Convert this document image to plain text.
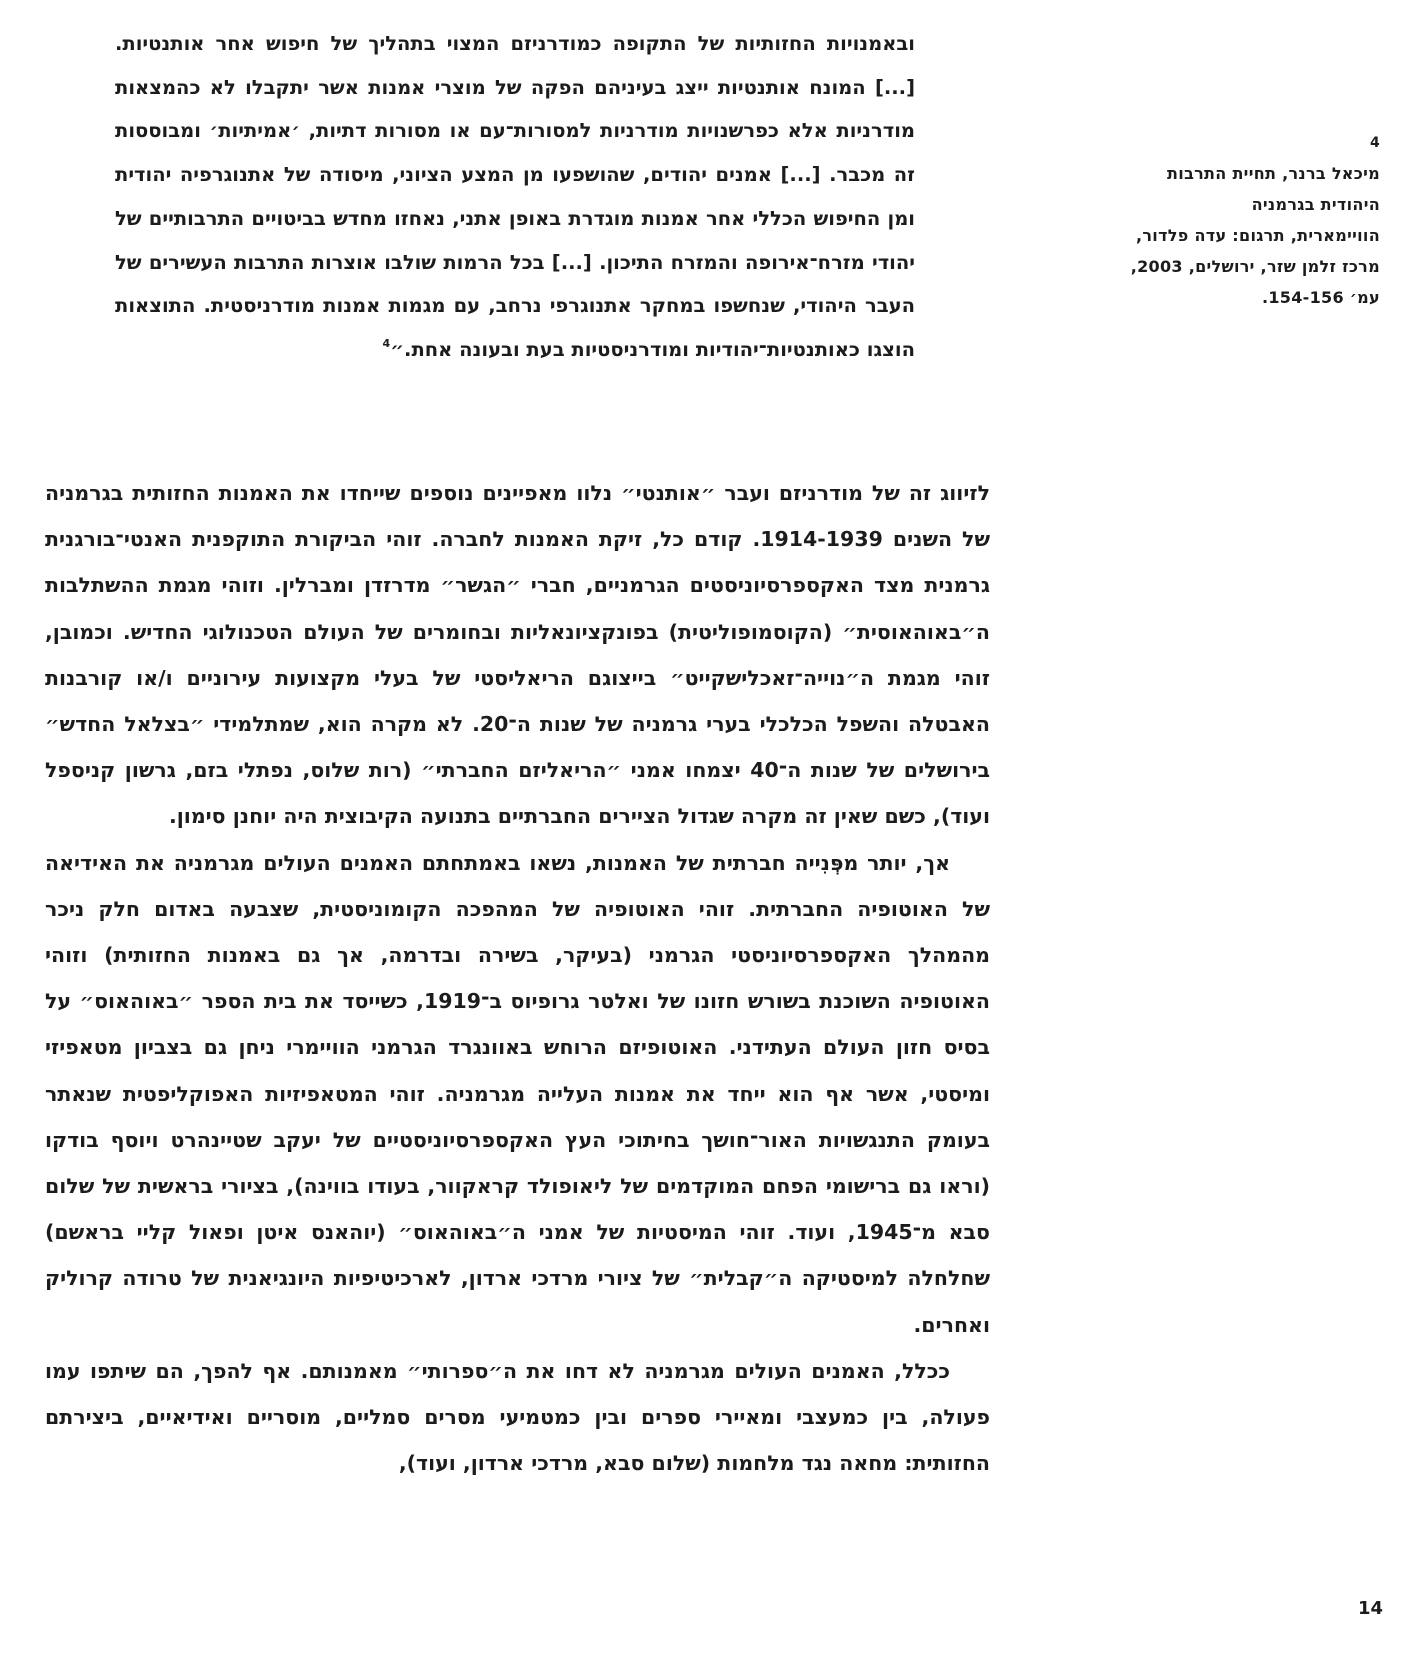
ובאמנויות החזותיות של התקופה כמודרניזם המצוי בתהליך של חיפוש אחר אותנטיות. [...] המונח אותנטיות ייצג בעיניהם הפקה של מוצרי אמנות אשר יתקבלו לא כהמצאות מודרניות אלא כפרשנויות מודרניות למסורות־עם או מסורות דתיות, ׳אמיתיות׳ ומבוססות זה מכבר. [...] אמנים יהודים, שהושפעו מן המצע הציוני, מיסודה של אתנוגרפיה יהודית ומן החיפוש הכללי אחר אמנות מוגדרת באופן אתני, נאחזו מחדש בביטויים התרבותיים של יהודי מזרח־אירופה והמזרח התיכון. [...] בכל הרמות שולבו אוצרות התרבות העשירים של העבר היהודי, שנחשפו במחקר אתנוגרפי נרחב, עם מגמות אמנות מודרניסטית. התוצאות הוצגו כאותנטיות־יהודיות ומודרניסטיות בעת ובעונה אחת.״$^4$
4
מיכאל ברנר, תחיית התרבות
היהודית בגרמניה
הוויימארית, תרגום: עדה פלדור,
מרכז זלמן שזר, ירושלים, 2003,
עמ׳ 154-156.

לזיווג זה של מודרניזם ועבר ״אותנטי״ נלוו מאפיינים נוספים שייחדו את האמנות החזותית בגרמניה של השנים 1914-1939. קודם כל, זיקת האמנות לחברה. זוהי הביקורת התוקפנית האנטי־בורגנית גרמנית מצד האקספרסיוניסטים הגרמניים, חברי ״הגשר״ מדרזדן ומברלין. וזוהי מגמת ההשתלבות ה״באוהאוסית״ (הקוסמופוליטית) בפונקציונאליות ובחומרים של העולם הטכנולוגי החדיש. וכמובן, זוהי מגמת ה״נוייה־זאכלישקייט״ בייצוגם הריאליסטי של בעלי מקצועות עירוניים ו/או קורבנות האבטלה והשפל הכלכלי בערי גרמניה של שנות ה־20. לא מקרה הוא, שמתלמידי ״בצלאל החדש״ בירושלים של שנות ה־40 יצמחו אמני ״הריאליזם החברתי״ (רות שלוס, נפתלי בזם, גרשון קניספל ועוד), כשם שאין זה מקרה שגדול הציירים החברתיים בתנועה הקיבוצית היה יוחנן סימון.

אך, יותר מפְּנִייה חברתית של האמנות, נשאו באמתחתם האמנים העולים מגרמניה את האידיאה של האוטופיה החברתית. זוהי האוטופיה של המהפכה הקומוניסטית, שצבעה באדום חלק ניכר מהמהלך האקספרסיוניסטי הגרמני (בעיקר, בשירה ובדרמה, אך גם באמנות החזותית) וזוהי האוטופיה השוכנת בשורש חזונו של ואלטר גרופיוס ב־1919, כשייסד את בית הספר ״באוהאוס״ על בסיס חזון העולם העתידני. האוטופיזם הרוחש באוונגרד הגרמני הוויימרי ניחן גם בצביון מטאפיזי ומיסטי, אשר אף הוא ייחד את אמנות העלייה מגרמניה. זוהי המטאפיזיות האפוקליפטית שנאתר בעומק התנגשויות האור־חושך בחיתוכי העץ האקספרסיוניסטיים של יעקב שטיינהרט ויוסף בודקו (וראו גם ברישומי הפחם המוקדמים של ליאופולד קראקוור, בעודו בווינה), בציורי בראשית של שלום סבא מ־1945, ועוד. זוהי המיסטיות של אמני ה״באוהאוס״ (יוהאנס איטן ופאול קליי בראשם) שחלחלה למיסטיקה ה״קבלית״ של ציורי מרדכי ארדון, לארכיטיפיות היונגיאנית של טרודה קרוליק ואחרים.

ככלל, האמנים העולים מגרמניה לא דחו את ה״ספרותי״ מאמנותם. אף להפך, הם שיתפו עמו פעולה, בין כמעצבי ומאיירי ספרים ובין כמטמיעי מסרים סמליים, מוסריים ואידיאיים, ביצירתם החזותית: מחאה נגד מלחמות (שלום סבא, מרדכי ארדון, ועוד),

14
